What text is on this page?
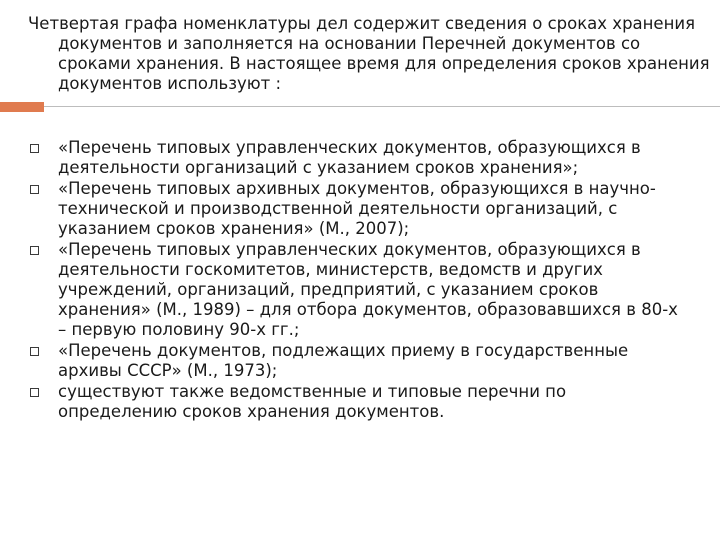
Четвертая графа номенклатуры дел содержит сведения о сроках хранения документов и заполняется на основании Перечней документов со сроками хранения. В настоящее время для определения сроков хранения документов используют :

«Перечень типовых управленческих документов, образующихся в деятельности организаций с указанием сроков хранения»;
«Перечень типовых архивных документов, образующихся в научно-технической и производственной деятельности организаций, с указанием сроков хранения» (М., 2007);
«Перечень типовых управленческих документов, образующихся в деятельности госкомитетов, министерств, ведомств и других учреждений, организаций, предприятий, с указанием сроков хранения» (М., 1989) – для отбора документов, образовавшихся в 80-х – первую половину 90-х гг.;
«Перечень документов, подлежащих приему в государственные архивы СССР» (М., 1973);
существуют также ведомственные и типовые перечни по определению сроков хранения документов.
